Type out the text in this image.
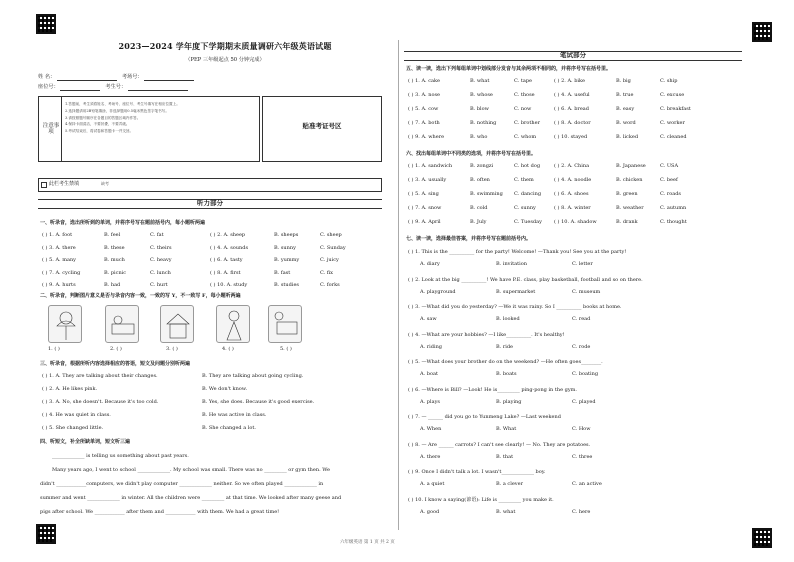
2023—2024 学年度下学期期末质量调研六年级英语试题
（PEP 三年级起点 50 分钟完成）
姓 名：	考场号：
座位号：	考生号：
注意事项
1.答题前，考生须将姓名、考场号、座位号、考生号填写在相应位置上。
2.选择题请用2B铅笔填涂，非选择题用0.5毫米黑色签字笔书写。
3.请按照题号顺序在各题目的答题区域内作答。
4.保持卡面清洁，不要折叠，不要弄破。
5.考试结束后，将试卷和答题卡一并交回。
贴准考证号区
此栏考生禁填	缺考
听力部分
一、听录音，选出所听到的单词，并将序号写在题前括号内，每小题听两遍
二、听录音，判断图片意义是否与录音内容一致，一致的写 Y，不一致写 F，每小题听两遍
1. ( )	2. ( )	3. ( )	4. ( )	5. ( )
三、听录音，根据所听内容选择相应的答语，短文及问题分别听两遍
四、听短文，补全所缺单词，短文听三遍
_____________ is telling us something about past years.
Many years ago, I went to school _____________. My school was small. There was no _________ or gym then. We
didn't ____________computers, we didn't play computer _____________ neither. So we often played _____________ in
summer and went _____________ in winter. All the children were _________ at that time. We looked after many geese and
pigs after school. We ____________ after them and ____________ with them. We had a great time!
笔试部分
五、读一读，选出下列每组单词中划线部分发音与其余两项不相同的，并将序号写在括号里。
六、找出每组单词中不同类的选项，并将序号写在括号里。
七、读一读，选择最佳答案，并将序号写在题前括号内。
六年级英语 第 1 页 共 2 页
( ) 1. A. foot	B. feel	C. fat	( ) 2. A. sheep	B. sheeps	C. sheep
( ) 3. A. there	B. these	C. theirs	( ) 4. A. sounds	B. sunny	C. Sunday
( ) 5. A. many	B. much	C. heavy	( ) 6. A. tasty	B. yummy	C. juicy
( ) 7. A. cycling	B. picnic	C. lunch	( ) 8. A. first	B. fast	C. fix
( ) 9. A. hurts	B. had	C. hurt	( ) 10. A. study	B. studies	C. forks
( ) 1. A. They are talking about their changes.	B. They are talking about going cycling.
( ) 2. A. He likes pink.	B. We don't know.
( ) 3. A. No, she doesn't. Because it's too cold.	B. Yes, she does. Because it's good exercise.
( ) 4. He was quiet in class.	B. He was active in class.
( ) 5. She changed little.	B. She changed a lot.
( ) 1. A. cake	B. what	C. tape	( ) 2. A. bike	B. big	C. ship
( ) 3. A. nose	B. whose	C. those	( ) 4. A. useful	B. true	C. excuse
( ) 5. A. cow	B. blow	C. now	( ) 6. A. bread	B. easy	C. breakfast
( ) 7. A. both	B. nothing	C. brother	( ) 8. A. doctor	B. word	C. worker
( ) 9. A. where	B. who	C. whom	( ) 10. stayed	B. licked	C. cleaned
( ) 1. A. sandwich	B. zongzi	C. hot dog	( ) 2. A. China	B. Japanese	C. USA
( ) 3. A. usually	B. often	C. them	( ) 4. A. noodle	B. chicken	C. beef
( ) 5. A. sing	B. swimming C. dancing	( ) 6. A. shoes	B. green	C. roads
( ) 7. A. snow	B. cold	C. sunny	( ) 8. A. winter	B. weather	C. autumn
( ) 9. A. April	B. July	C. Tuesday ( ) 10. A. shadow	B. drank	C. thought
( ) 1. This is the __________ for the party! Welcome! —Thank you! See you at the party!
A. diary	B. invitation	C. letter
( ) 2. Look at the big __________! We have P.E. class, play basketball, football and so on there.
A. playground	B. supermarket	C. museum
( ) 3. —What did you do yesterday? —We it was rainy. So I __________ books at home.
A. saw	B. looked	C. read
( ) 4. —What are your hobbies? —I like__________. It's healthy!
A. riding	B. ride	C. rode
( ) 5. —What does your brother do on the weekend? —He often goes________.
A. boat	B. boats	C. boating
( ) 6. —Where is Bill? —Look! He is_________ ping-pong in the gym.
A. plays	B. playing	C. played
( ) 7. — ______ did you go to Yunmeng Lake? —Last weekend
A. When	B. What	C. How
( ) 8. — Are ______ carrots? I can't see clearly! — No. They are potatoes.
A. there	B. that	C. three
( ) 9. Once I didn't talk a lot. I wasn't_____________ boy.
A. a quiet	B. a clever	C. an active
( ) 10. I know a saying(谚语): Life is _________ you make it.
A. good	B. what	C. here
